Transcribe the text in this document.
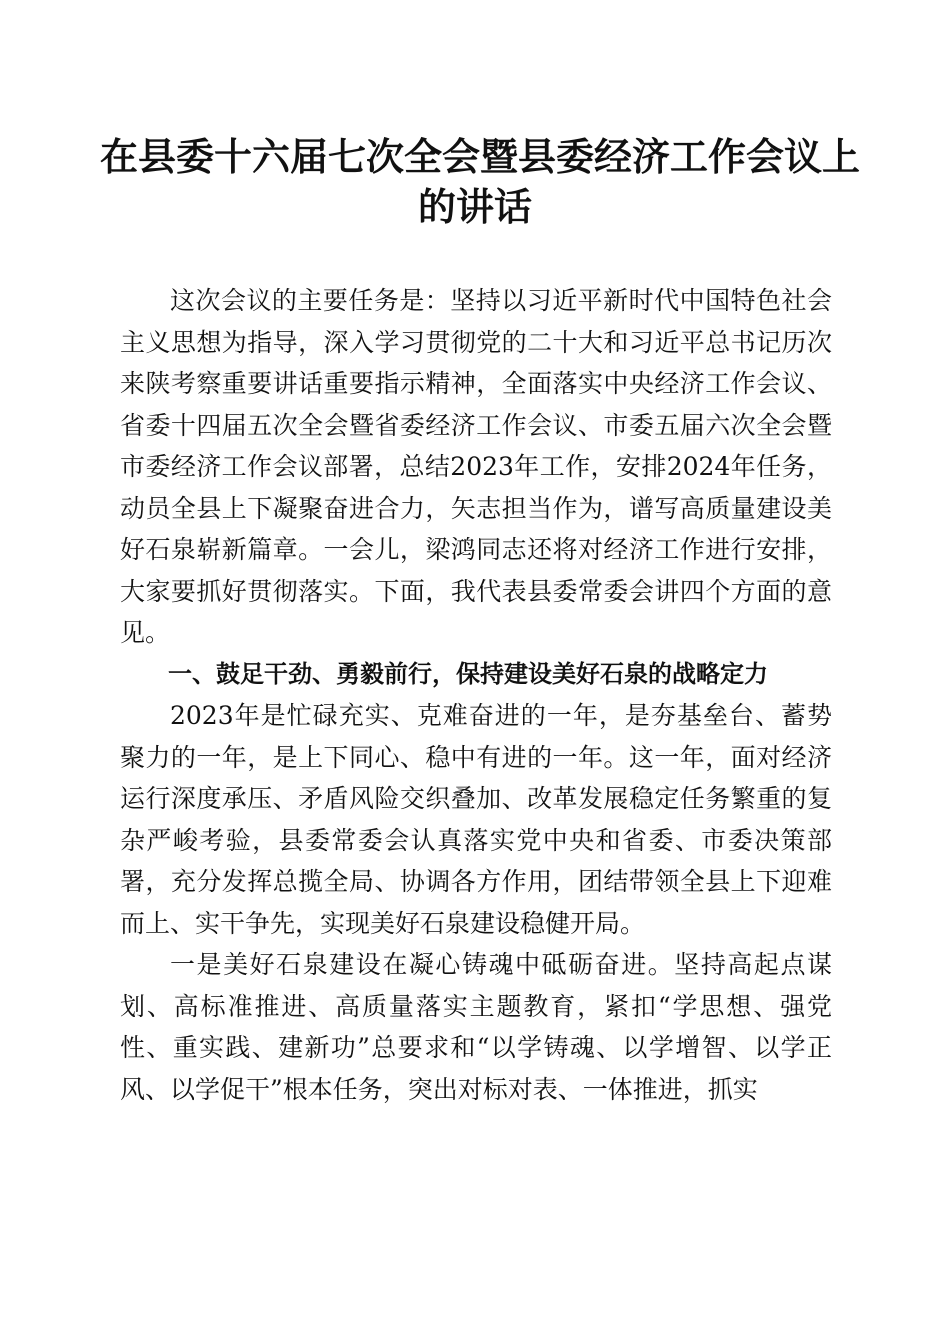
在县委十六届七次全会暨县委经济工作会议上
的讲话

这次会议的主要任务是：坚持以习近平新时代中国特色社会主义思想为指导，深入学习贯彻党的二十大和习近平总书记历次来陕考察重要讲话重要指示精神，全面落实中央经济工作会议、省委十四届五次全会暨省委经济工作会议、市委五届六次全会暨市委经济工作会议部署，总结2023年工作，安排2024年任务，动员全县上下凝聚奋进合力，矢志担当作为，谱写高质量建设美好石泉崭新篇章。一会儿，梁鸿同志还将对经济工作进行安排，大家要抓好贯彻落实。下面，我代表县委常委会讲四个方面的意见。

一、鼓足干劲、勇毅前行，保持建设美好石泉的战略定力

2023年是忙碌充实、克难奋进的一年，是夯基垒台、蓄势聚力的一年，是上下同心、稳中有进的一年。这一年，面对经济运行深度承压、矛盾风险交织叠加、改革发展稳定任务繁重的复杂严峻考验，县委常委会认真落实党中央和省委、市委决策部署，充分发挥总揽全局、协调各方作用，团结带领全县上下迎难而上、实干争先，实现美好石泉建设稳健开局。

一是美好石泉建设在凝心铸魂中砥砺奋进。坚持高起点谋划、高标准推进、高质量落实主题教育，紧扣“学思想、强党性、重实践、建新功”总要求和“以学铸魂、以学增智、以学正风、以学促干”根本任务，突出对标对表、一体推进，抓实
